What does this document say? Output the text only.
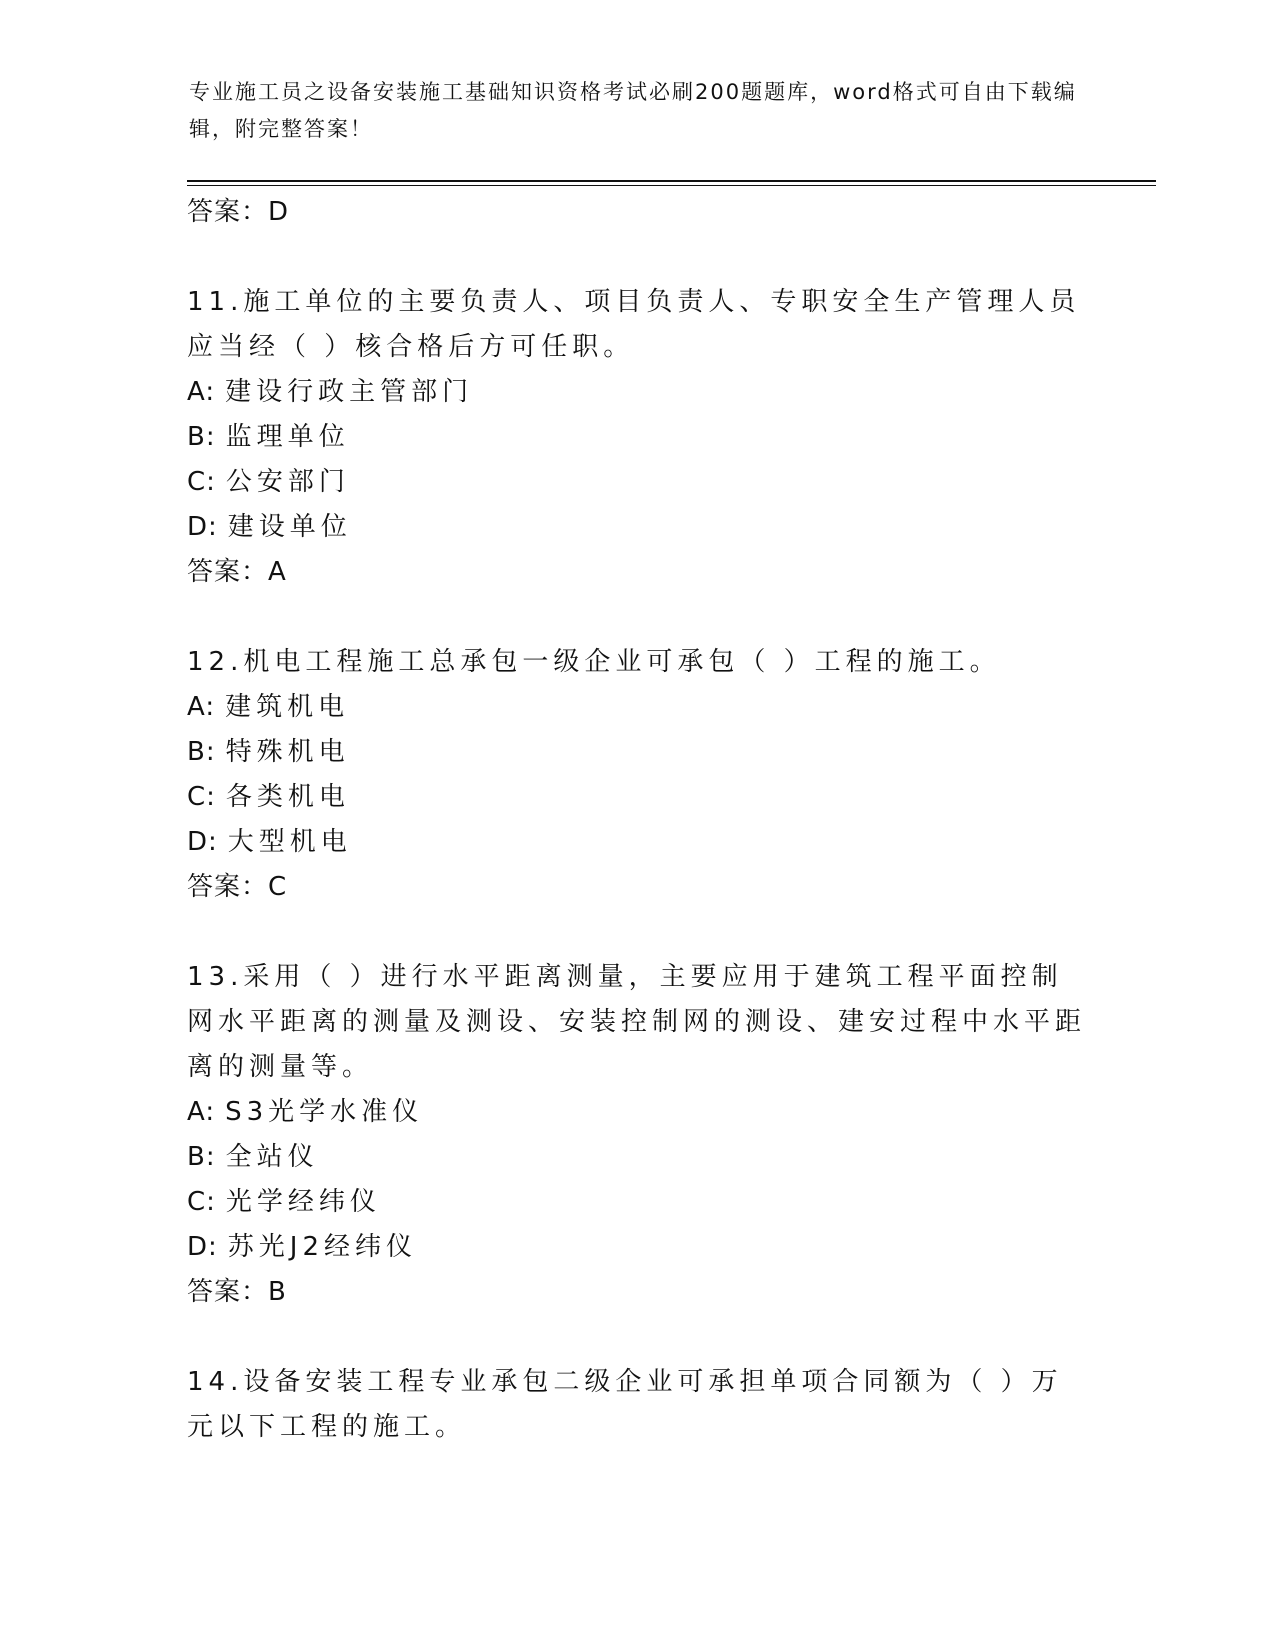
专业施工员之设备安装施工基础知识资格考试必刷200题题库，word格式可自由下载编辑，附完整答案！
答案：D

11.施工单位的主要负责人、项目负责人、专职安全生产管理人员应当经（ ）核合格后方可任职。

A: 建设行政主管部门
B: 监理单位
C: 公安部门
D: 建设单位
答案：A

12.机电工程施工总承包一级企业可承包（ ）工程的施工。

A: 建筑机电
B: 特殊机电
C: 各类机电
D: 大型机电
答案：C

13.采用（ ）进行水平距离测量，主要应用于建筑工程平面控制网水平距离的测量及测设、安装控制网的测设、建安过程中水平距离的测量等。

A: S3光学水准仪
B: 全站仪
C: 光学经纬仪
D: 苏光J2经纬仪
答案：B

14.设备安装工程专业承包二级企业可承担单项合同额为（ ）万元以下工程的施工。
